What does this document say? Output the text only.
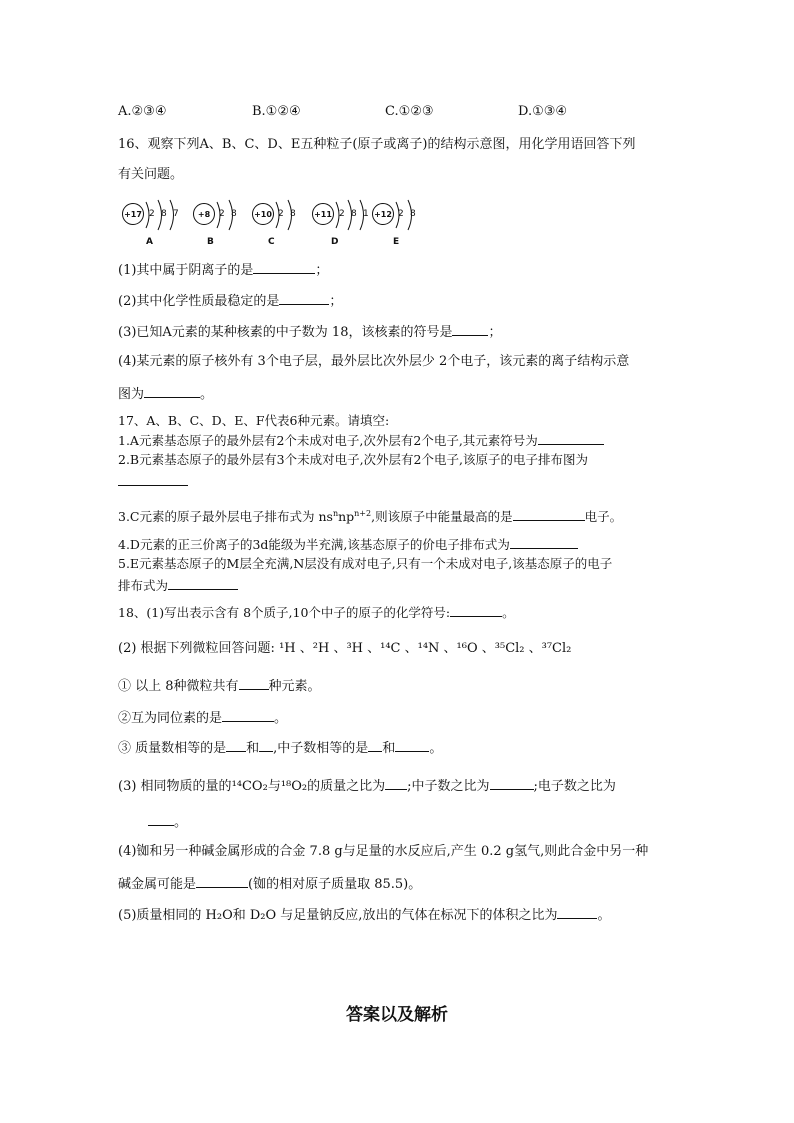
A.②③④	B.①②④	C.①②③	D.①③④
16、观察下列A、B、C、D、E五种粒子(原子或离子)的结构示意图，用化学用语回答下列
有关问题。
+17 2 8 7
A
+8 2 8
B
+10 2 8
C
+11 2 8 1
D
+12 2 8
E
(1)其中属于阴离子的是	；
(2)其中化学性质最稳定的是	；
(3)已知A元素的某种核素的中子数为 18，该核素的符号是	；
(4)某元素的原子核外有 3个电子层，最外层比次外层少 2个电子，该元素的离子结构示意
图为	。
17、A、B、C、D、E、F代表6种元素。请填空:
1.A元素基态原子的最外层有2个未成对电子,次外层有2个电子,其元素符号为
2.B元素基态原子的最外层有3个未成对电子,次外层有2个电子,该原子的电子排布图为
3.C元素的原子最外层电子排布式为 $ns^nnp^{n+2}$,则该原子中能量最高的是	电子。
4.D元素的正三价离子的3d能级为半充满,该基态原子的价电子排布式为
5.E元素基态原子的M层全充满,N层没有成对电子,只有一个未成对电子,该基态原子的电子
排布式为
18、(1)写出表示含有 8个质子,10个中子的原子的化学符号:	。
(2) 根据下列微粒回答问题: ¹H 、²H 、³H 、¹⁴C 、¹⁴N 、¹⁶O 、³⁵Cl₂ 、³⁷Cl₂
① 以上 8种微粒共有 种元素。
②互为同位素的是	。
③ 质量数相等的是 和 ,中子数相等的是 和	。
(3) 相同物质的量的¹⁴CO₂与¹⁸O₂的质量之比为 ;中子数之比为	;电子数之比为
。
(4)铷和另一种碱金属形成的合金 7.8 g与足量的水反应后,产生 0.2 g氢气,则此合金中另一种
碱金属可能是	(铷的相对原子质量取 85.5)。
(5)质量相同的 H₂O和 D₂O 与足量钠反应,放出的气体在标况下的体积之比为	。
答案以及解析
